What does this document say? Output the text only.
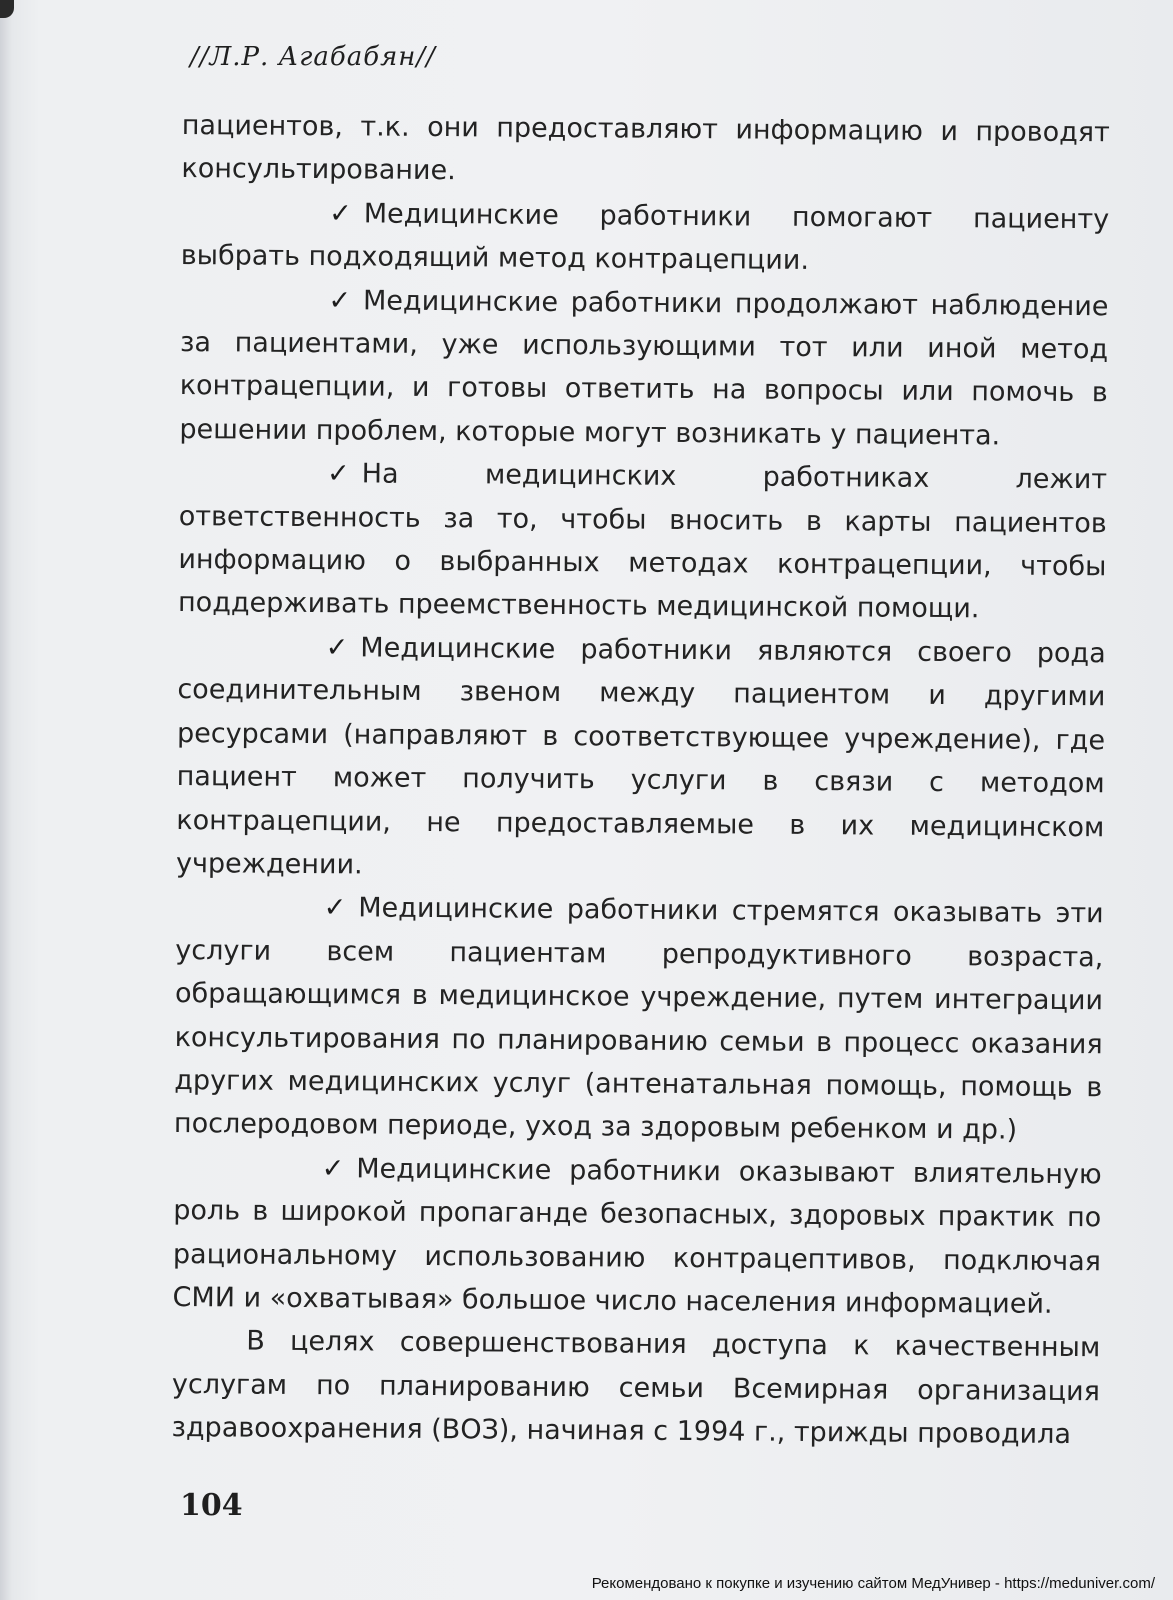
//Л.Р. Агабабян//

пациентов, т.к. они предоставляют информацию и проводят консультирование.

✓ Медицинские работники помогают пациенту выбрать подходящий метод контрацепции.

✓ Медицинские работники продолжают наблюдение за пациентами, уже использующими тот или иной метод контрацепции, и готовы ответить на вопросы или помочь в решении проблем, которые могут возникать у пациента.

✓ На медицинских работниках лежит ответственность за то, чтобы вносить в карты пациентов информацию о выбранных методах контрацепции, чтобы поддерживать преемственность медицинской помощи.

✓ Медицинские работники являются своего рода соединительным звеном между пациентом и другими ресурсами (направляют в соответствующее учреждение), где пациент может получить услуги в связи с методом контрацепции, не предоставляемые в их медицинском учреждении.

✓ Медицинские работники стремятся оказывать эти услуги всем пациентам репродуктивного возраста, обращающимся в медицинское учреждение, путем интеграции консультирования по планированию семьи в процесс оказания других медицинских услуг (антенатальная помощь, помощь в послеродовом периоде, уход за здоровым ребенком и др.)

✓ Медицинские работники оказывают влиятельную роль в широкой пропаганде безопасных, здоровых практик по рациональному использованию контрацептивов, подключая СМИ и «охватывая» большое число населения информацией.

В целях совершенствования доступа к качественным услугам по планированию семьи Всемирная организация здравоохранения (ВОЗ), начиная с 1994 г., трижды проводила

104
Рекомендовано к покупке и изучению сайтом МедУнивер - https://meduniver.com/
